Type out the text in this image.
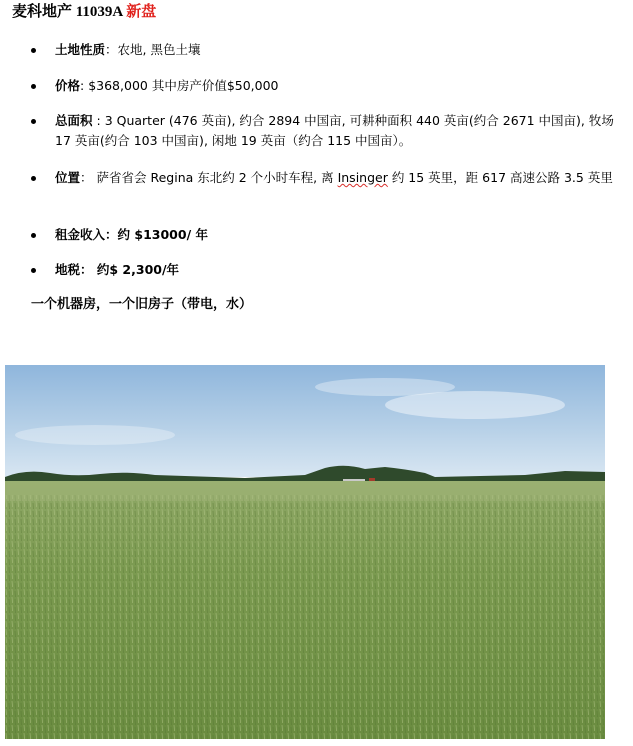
麦科地产 11039A 新盘
土地性质：农地, 黑色土壤
价格: $368,000 其中房产价值$50,000
总面积 : 3 Quarter (476 英亩), 约合 2894 中国亩, 可耕种面积 440 英亩(约合 2671 中国亩), 牧场 17 英亩(约合 103 中国亩), 闲地 19 英亩（约合 115 中国亩）。
位置： 萨省省会 Regina 东北约 2 个小时车程, 离 Insinger 约 15 英里，距 617 高速公路 3.5 英里
租金收入：约 $13000/ 年
地税： 约$ 2,300/年
一个机器房，一个旧房子（带电，水）
